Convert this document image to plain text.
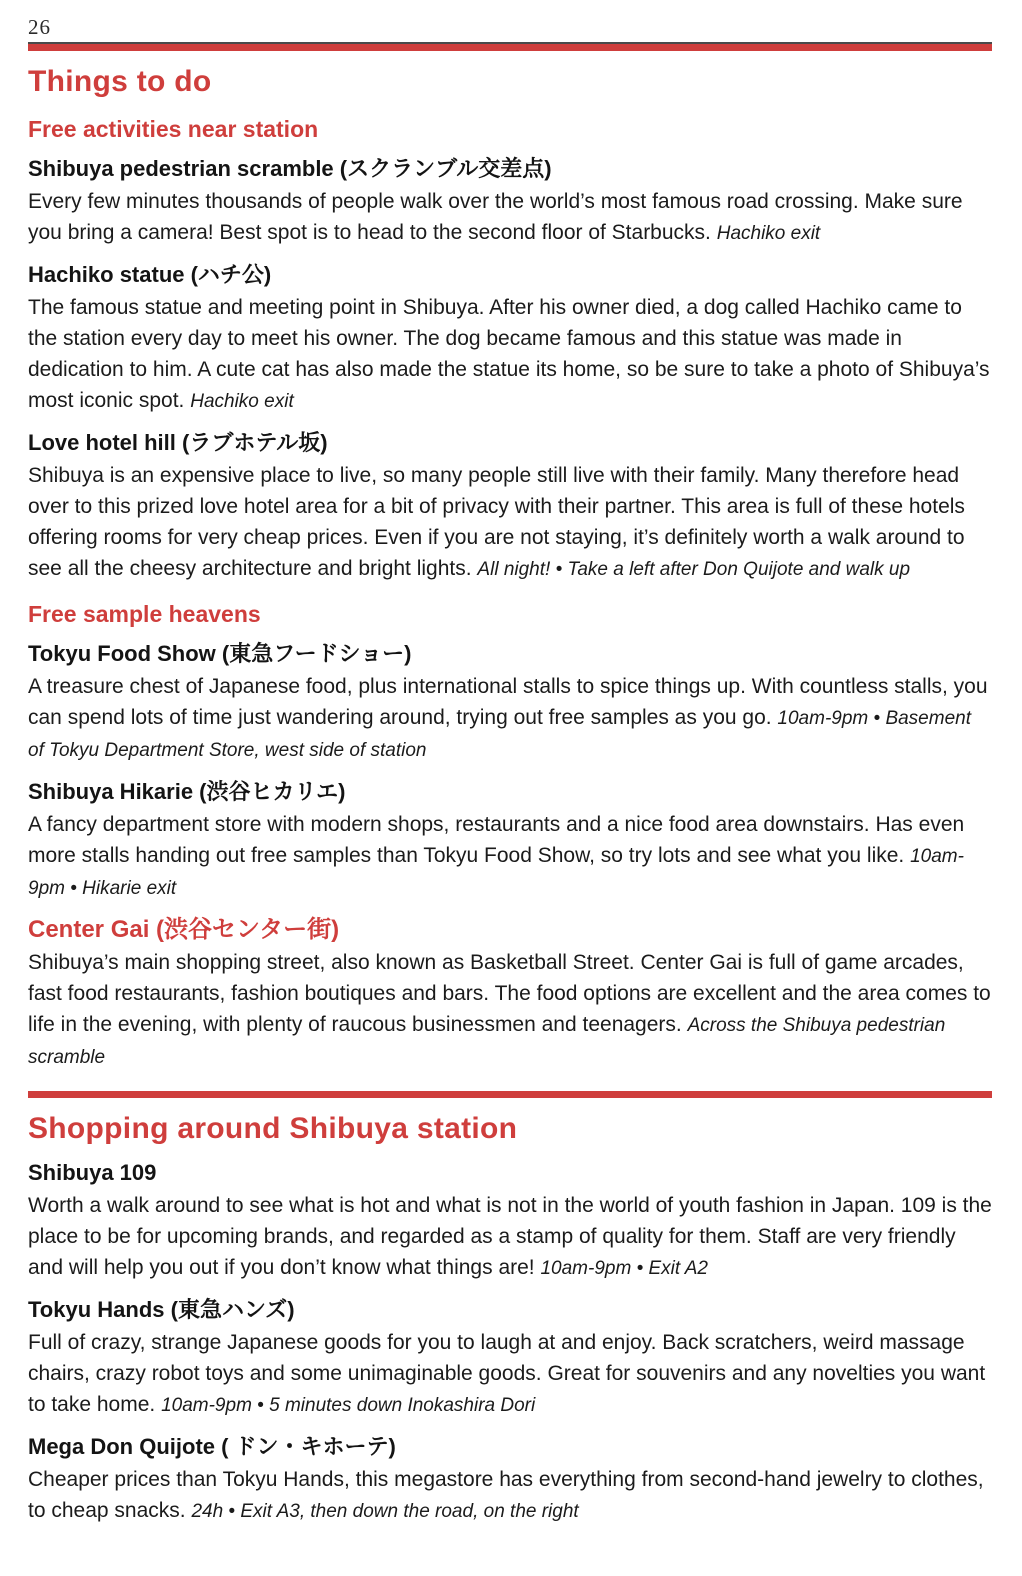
26
Things to do
Free activities near station
Shibuya pedestrian scramble (スクランブル交差点)

Every few minutes thousands of people walk over the world’s most famous road crossing. Make sure you bring a camera! Best spot is to head to the second floor of Starbucks. Hachiko exit

Hachiko statue (ハチ公)

The famous statue and meeting point in Shibuya. After his owner died, a dog called Hachiko came to the station every day to meet his owner. The dog became famous and this statue was made in dedication to him. A cute cat has also made the statue its home, so be sure to take a photo of Shibuya’s most iconic spot. Hachiko exit

Love hotel hill (ラブホテル坂)

Shibuya is an expensive place to live, so many people still live with their family. Many therefore head over to this prized love hotel area for a bit of privacy with their partner. This area is full of these hotels offering rooms for very cheap prices. Even if you are not staying, it’s definitely worth a walk around to see all the cheesy architecture and bright lights. All night! • Take a left after Don Quijote and walk up

Free sample heavens
Tokyu Food Show (東急フードショー)

A treasure chest of Japanese food, plus international stalls to spice things up. With countless stalls, you can spend lots of time just wandering around, trying out free samples as you go. 10am-9pm • Basement of Tokyu Department Store, west side of station

Shibuya Hikarie (渋谷ヒカリエ)

A fancy department store with modern shops, restaurants and a nice food area downstairs. Has even more stalls handing out free samples than Tokyu Food Show, so try lots and see what you like. 10am-9pm • Hikarie exit

Center Gai (渋谷センター街)

Shibuya’s main shopping street, also known as Basketball Street. Center Gai is full of game arcades, fast food restaurants, fashion boutiques and bars. The food options are excellent and the area comes to life in the evening, with plenty of raucous businessmen and teenagers. Across the Shibuya pedestrian scramble

Shopping around Shibuya station
Shibuya 109

Worth a walk around to see what is hot and what is not in the world of youth fashion in Japan. 109 is the place to be for upcoming brands, and regarded as a stamp of quality for them. Staff are very friendly and will help you out if you don’t know what things are! 10am-9pm • Exit A2

Tokyu Hands (東急ハンズ)

Full of crazy, strange Japanese goods for you to laugh at and enjoy. Back scratchers, weird massage chairs, crazy robot toys and some unimaginable goods. Great for souvenirs and any novelties you want to take home. 10am-9pm • 5 minutes down Inokashira Dori

Mega Don Quijote ( ドン・キホーテ)

Cheaper prices than Tokyu Hands, this megastore has everything from second-hand jewelry to clothes, to cheap snacks. 24h • Exit A3, then down the road, on the right
